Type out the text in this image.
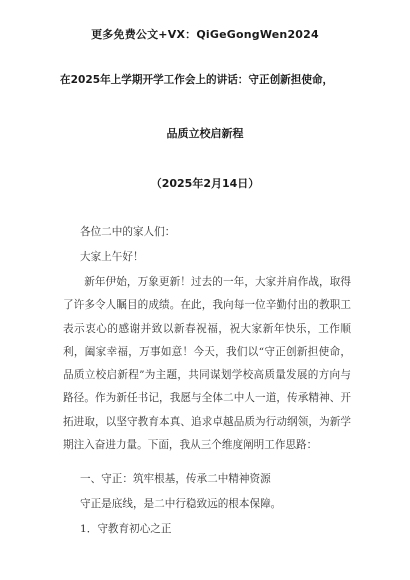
更多免费公文+VX：QiGeGongWen2024
在2025年上学期开学工作会上的讲话：守正创新担使命，
品质立校启新程
（2025年2月14日）
各位二中的家人们：
大家上午好！
新年伊始，万象更新！过去的一年，大家并肩作战，取得了许多令人瞩目的成绩。在此，我向每一位辛勤付出的教职工表示衷心的感谢并致以新春祝福，祝大家新年快乐，工作顺利，阖家幸福，万事如意！今天，我们以“守正创新担使命，品质立校启新程”为主题，共同谋划学校高质量发展的方向与路径。作为新任书记，我愿与全体二中人一道，传承精神、开拓进取，以坚守教育本真、追求卓越品质为行动纲领，为新学期注入奋进力量。下面，我从三个维度阐明工作思路：
一、守正：筑牢根基，传承二中精神资源
守正是底线，是二中行稳致远的根本保障。
1．守教育初心之正
